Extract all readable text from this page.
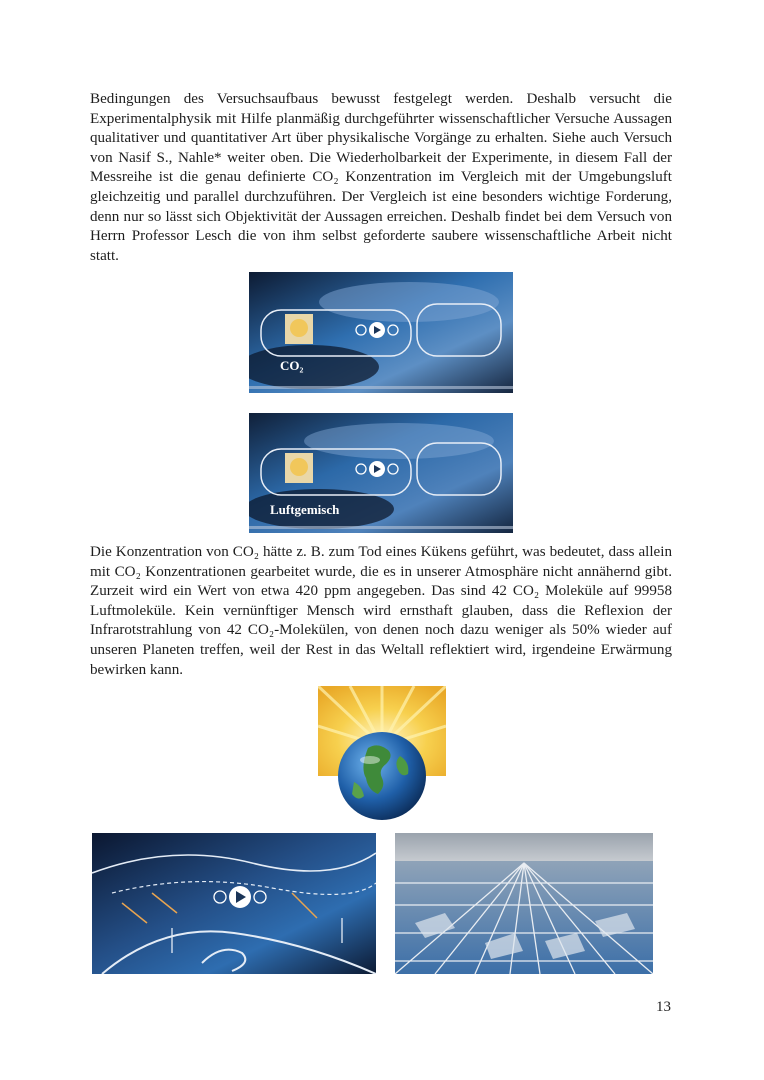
Bedingungen des Versuchsaufbaus bewusst festgelegt werden. Deshalb versucht die Experimentalphysik mit Hilfe planmäßig durchgeführter wissenschaftlicher Versuche Aussagen qualitativer und quantitativer Art über physikalische Vorgänge zu erhalten. Siehe auch Versuch von Nasif S., Nahle* weiter oben. Die Wiederholbarkeit der Experimente, in diesem Fall der Messreihe ist die genau definierte CO₂ Konzentration im Vergleich mit der Umgebungsluft gleichzeitig und parallel durchzuführen. Der Vergleich ist eine besonders wichtige Forderung, denn nur so lässt sich Objektivität der Aussagen erreichen. Deshalb findet bei dem Versuch von Herrn Professor Lesch die von ihm selbst geforderte saubere wissenschaftliche Arbeit nicht statt.

CO₂
Luftgemisch

Die Konzentration von CO₂ hätte z. B. zum Tod eines Kükens geführt, was bedeutet, dass allein mit CO₂ Konzentrationen gearbeitet wurde, die es in unserer Atmosphäre nicht annähernd gibt. Zurzeit wird ein Wert von etwa 420 ppm angegeben. Das sind 42 CO₂ Moleküle auf 99958 Luftmoleküle. Kein vernünftiger Mensch wird ernsthaft glauben, dass die Reflexion der Infrarotstrahlung von 42 CO₂-Molekülen, von denen noch dazu weniger als 50% wieder auf unseren Planeten treffen, weil der Rest in das Weltall reflektiert wird, irgendeine Erwärmung bewirken kann.

13
